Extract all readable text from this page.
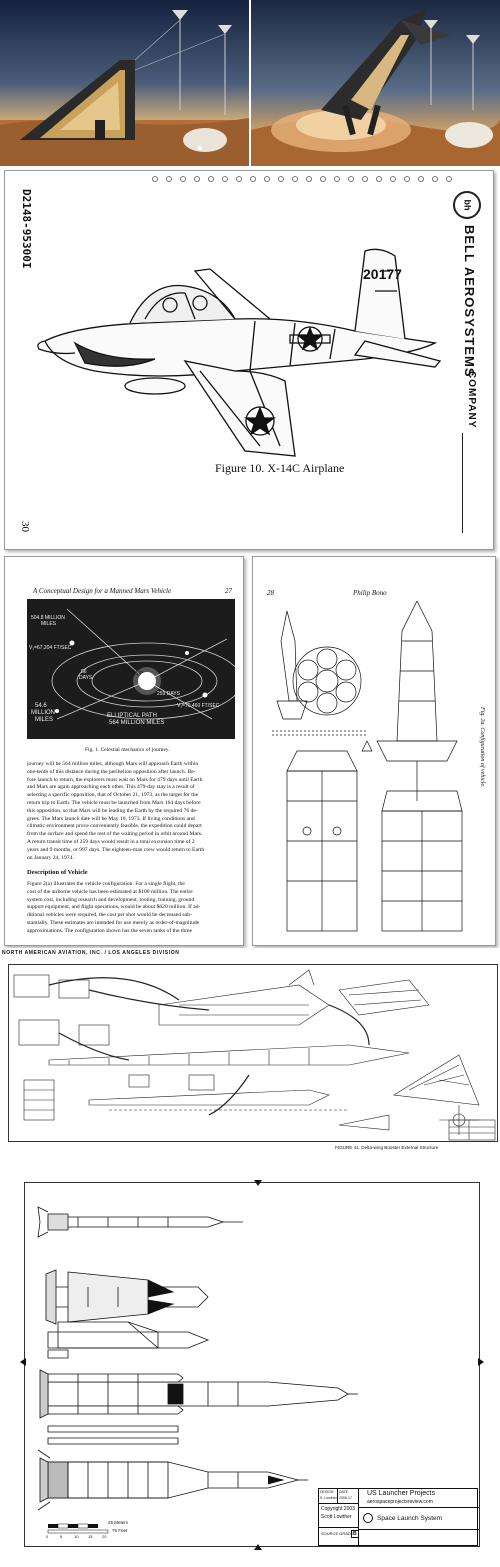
D2148-95300I	bh
BELL AEROSYSTEMS
COMPANY
20177
Figure 10. X-14C Airplane
30
A Conceptual Design for a Manned Mars Vehicle	27
504.8 MILLION
MILES
V₁=67,204 FT/SEC
56
DAYS
256°
259 DAYS
54.6
MILLION
MILES
ELLIPTICAL PATH
564 MILLION MILES
V₁=70,460 FT/SEC
Fig. 1. Celestial mechanics of journey.
journey will be 564 million miles, although Mars will approach Earth within
one-tenth of this distance during the perihelion opposition after launch. Be-
fore launch to return, the explorers must wait on Mars for 479 days until Earth
and Mars are again approaching each other. This 479-day stay is a result of
selecting a specific opposition, that of October 21, 1973, as the target for the
return trip to Earth. The vehicle must be launched from Mars 164 days before
this opposition, so that Mars will be leading the Earth by the required 76 de-
grees. The Mars launch date will be May 10, 1973. If living conditions and
climatic environment prove conveniently feasible, the expedition could depart
from the surface and spend the rest of the waiting period in orbit around Mars.
A return transit time of 259 days would result in a total excursion time of 2
years and 9 months, or 997 days. The eighteen-man crew would return to Earth
on January 24, 1974.
Description of Vehicle
Figure 2(a) illustrates the vehicle configuration. For a single flight, the
cost of the airborne vehicle has been estimated at $100 million. The entire
system cost, including research and development, tooling, training, ground
support equipment, and flight operations, would be about $620 million. If ad-
ditional vehicles were required, the cost per shot would be decreased sub-
stantially. These estimates are intended for use merely as order-of-magnitude
approximations. The configuration shown has the seven tanks of the three
28	Philip Bono
Fig. 2a. Configuration of vehicle.
NORTH AMERICAN AVIATION, INC. / LOS ANGELES DIVISION
FIGURE 41. Delta-wing Booster External Structure
0	5	10 15 20
25 Meters
75 Feet
DESIGN
S. Lowther
DATE
2005-17
Copyright 2003
Scott Lowther
SOURCE GRADE B
US Launcher Projects
aerospaceprojectsreview.com
Space Launch System
